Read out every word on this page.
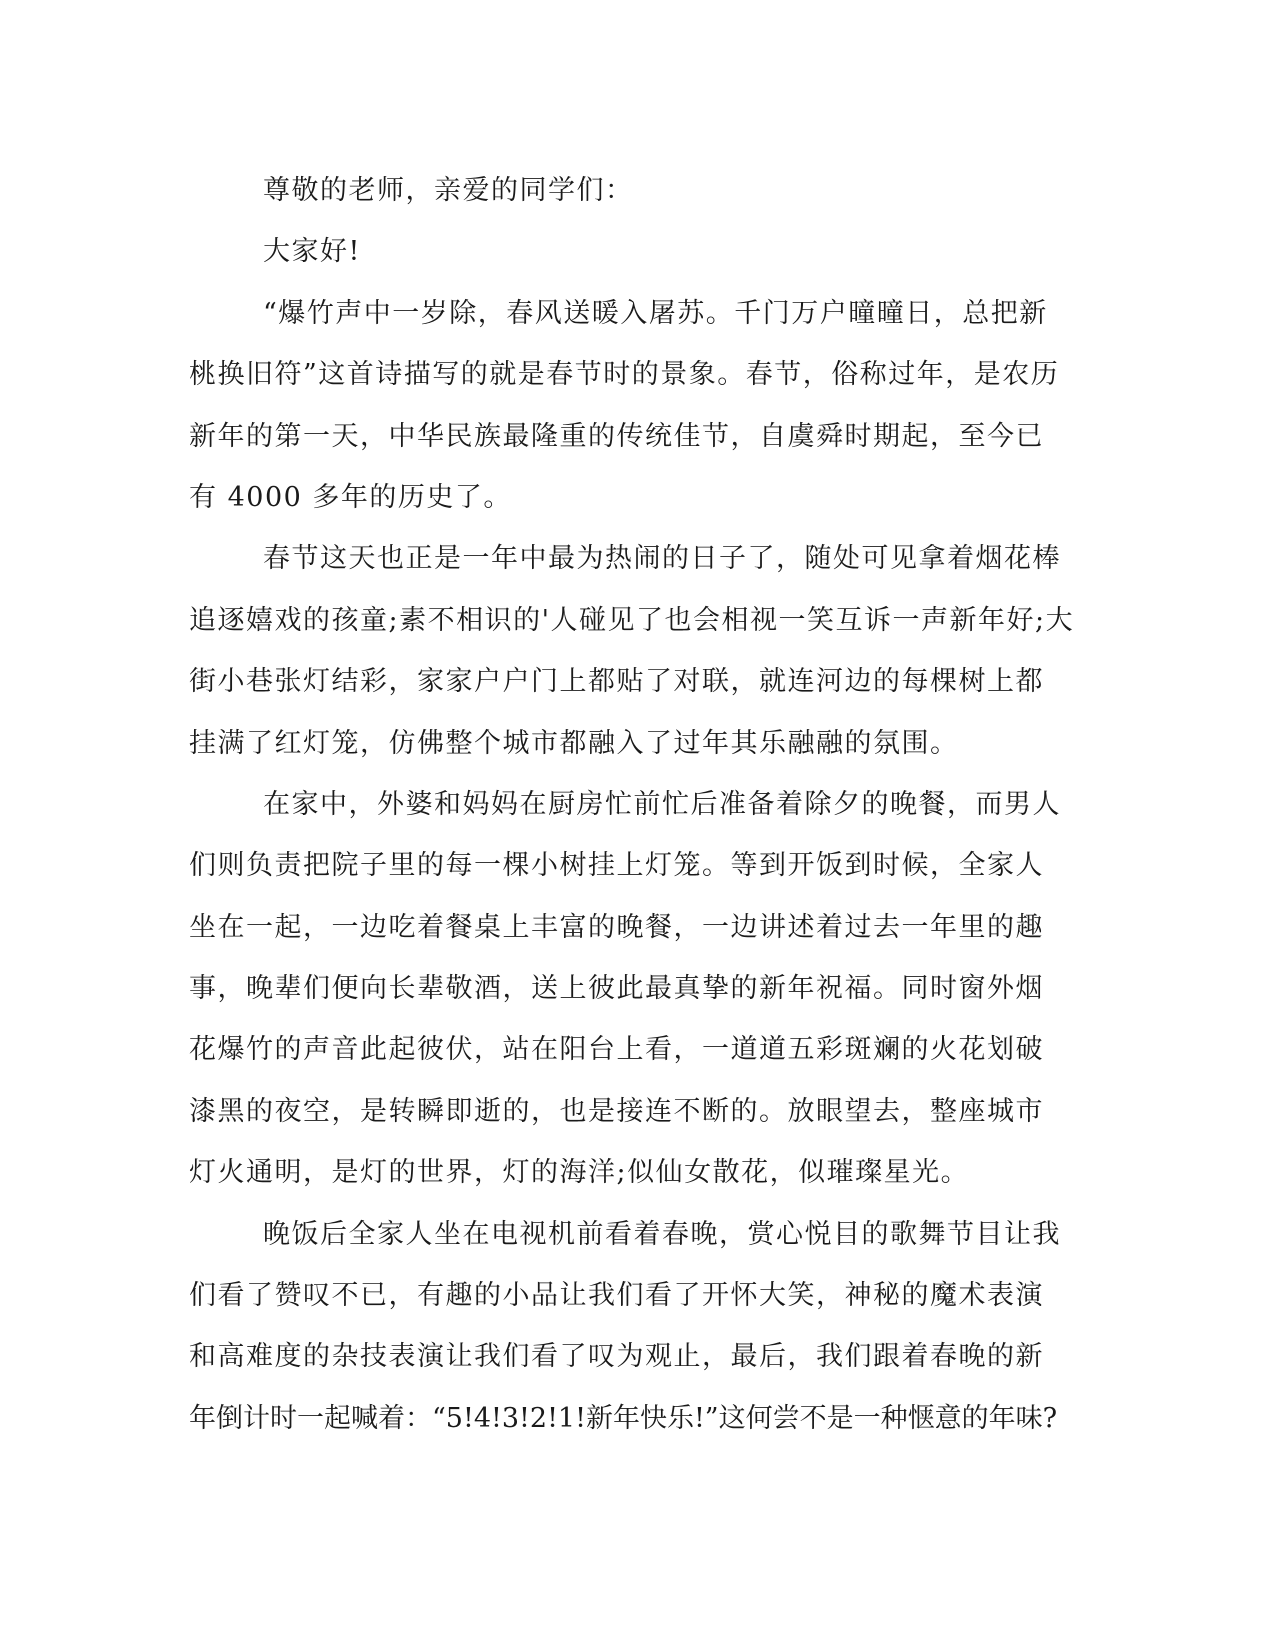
尊敬的老师，亲爱的同学们：
大家好!
“爆竹声中一岁除，春风送暖入屠苏。千门万户曈曈日，总把新
桃换旧符”这首诗描写的就是春节时的景象。春节，俗称过年，是农历
新年的第一天，中华民族最隆重的传统佳节，自虞舜时期起，至今已
有 4000 多年的历史了。
春节这天也正是一年中最为热闹的日子了，随处可见拿着烟花棒
追逐嬉戏的孩童;素不相识的'人碰见了也会相视一笑互诉一声新年好;大
街小巷张灯结彩，家家户户门上都贴了对联，就连河边的每棵树上都
挂满了红灯笼，仿佛整个城市都融入了过年其乐融融的氛围。
在家中，外婆和妈妈在厨房忙前忙后准备着除夕的晚餐，而男人
们则负责把院子里的每一棵小树挂上灯笼。等到开饭到时候，全家人
坐在一起，一边吃着餐桌上丰富的晚餐，一边讲述着过去一年里的趣
事，晚辈们便向长辈敬酒，送上彼此最真挚的新年祝福。同时窗外烟
花爆竹的声音此起彼伏，站在阳台上看，一道道五彩斑斓的火花划破
漆黑的夜空，是转瞬即逝的，也是接连不断的。放眼望去，整座城市
灯火通明，是灯的世界，灯的海洋;似仙女散花，似璀璨星光。
晚饭后全家人坐在电视机前看着春晚，赏心悦目的歌舞节目让我
们看了赞叹不已，有趣的小品让我们看了开怀大笑，神秘的魔术表演
和高难度的杂技表演让我们看了叹为观止，最后，我们跟着春晚的新
年倒计时一起喊着：“5!4!3!2!1!新年快乐!”这何尝不是一种惬意的年味?
